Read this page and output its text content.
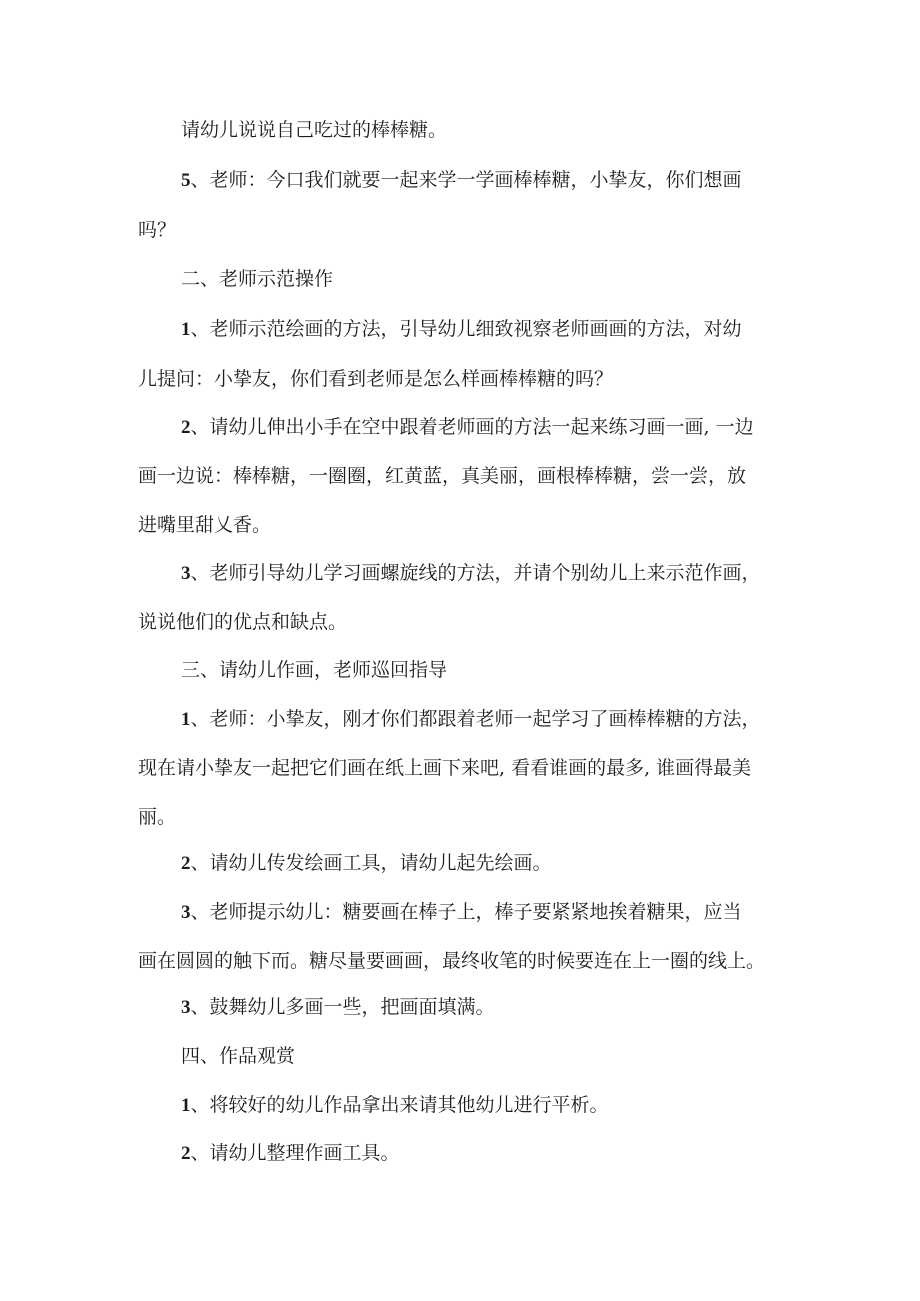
请幼儿说说自己吃过的棒棒糖。
5、老师：今口我们就要一起来学一学画棒棒糖，小挚友，你们想画
吗？
二、老师示范操作
1、老师示范绘画的方法，引导幼儿细致视察老师画画的方法，对幼
儿提问：小挚友，你们看到老师是怎么样画棒棒糖的吗？
2、请幼儿伸出小手在空中跟着老师画的方法一起来练习画一画, 一边
画一边说：棒棒糖，一圈圈，红黄蓝，真美丽，画根棒棒糖，尝一尝，放
进嘴里甜乂香。
3、老师引导幼儿学习画螺旋线的方法，并请个别幼儿上来示范作画，
说说他们的优点和缺点。
三、请幼儿作画，老师巡回指导
1、老师：小挚友，刚才你们都跟着老师一起学习了画棒棒糖的方法，
现在请小挚友一起把它们画在纸上画下来吧, 看看谁画的最多, 谁画得最美
丽。
2、请幼儿传发绘画工具，请幼儿起先绘画。
3、老师提示幼儿：糖要画在棒子上，棒子要紧紧地挨着糖果，应当
画在圆圆的触下而。糖尽量要画画，最终收笔的时候要连在上一圈的线上。
3、鼓舞幼儿多画一些，把画面填满。
四、作品观赏
1、将较好的幼儿作品拿出来请其他幼儿进行平析。
2、请幼儿整理作画工具。
